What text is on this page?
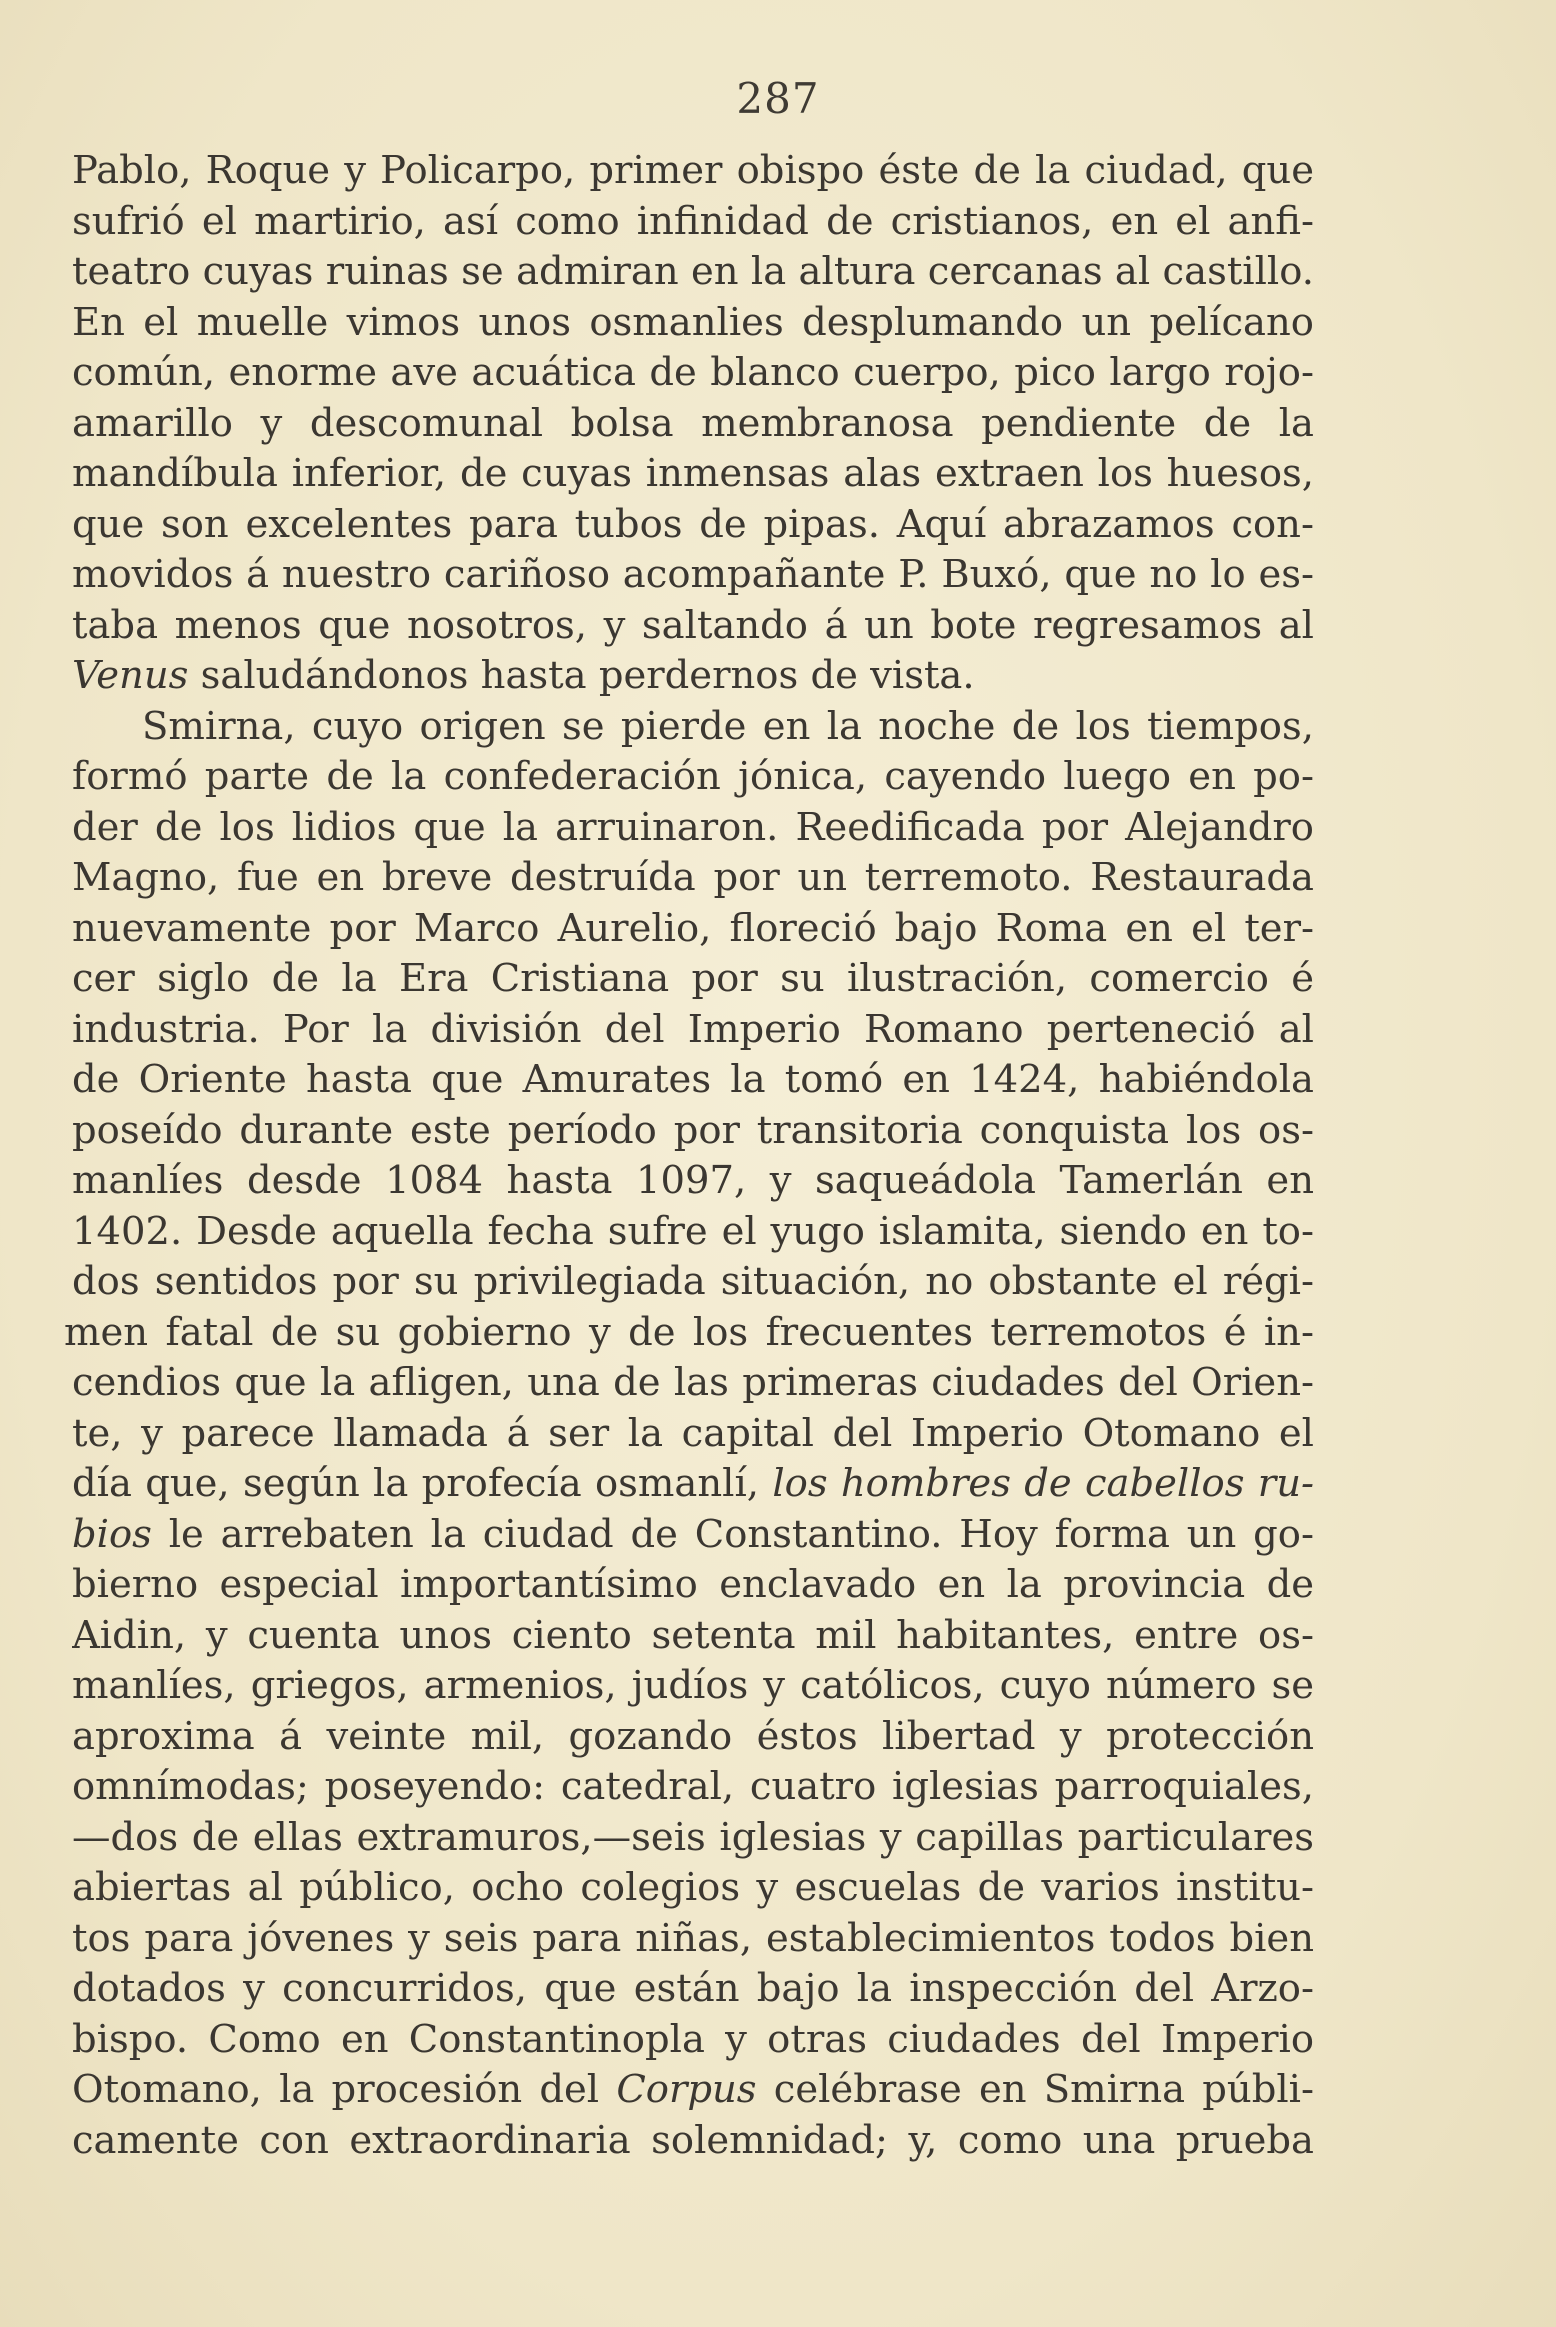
287
Pablo, Roque y Policarpo, primer obispo éste de la ciudad, que
sufrió el martirio, así como infinidad de cristianos, en el anfi-
teatro cuyas ruinas se admiran en la altura cercanas al castillo.
En el muelle vimos unos osmanlies desplumando un pelícano
común, enorme ave acuática de blanco cuerpo, pico largo rojo-
amarillo y descomunal bolsa membranosa pendiente de la
mandíbula inferior, de cuyas inmensas alas extraen los huesos,
que son excelentes para tubos de pipas. Aquí abrazamos con-
movidos á nuestro cariñoso acompañante P. Buxó, que no lo es-
taba menos que nosotros, y saltando á un bote regresamos al
Venus saludándonos hasta perdernos de vista.
Smirna, cuyo origen se pierde en la noche de los tiempos,
formó parte de la confederación jónica, cayendo luego en po-
der de los lidios que la arruinaron. Reedificada por Alejandro
Magno, fue en breve destruída por un terremoto. Restaurada
nuevamente por Marco Aurelio, floreció bajo Roma en el ter-
cer siglo de la Era Cristiana por su ilustración, comercio é
industria. Por la división del Imperio Romano perteneció al
de Oriente hasta que Amurates la tomó en 1424, habiéndola
poseído durante este período por transitoria conquista los os-
manlíes desde 1084 hasta 1097, y saqueádola Tamerlán en
1402. Desde aquella fecha sufre el yugo islamita, siendo en to-
dos sentidos por su privilegiada situación, no obstante el régi-
men fatal de su gobierno y de los frecuentes terremotos é in-
cendios que la afligen, una de las primeras ciudades del Orien-
te, y parece llamada á ser la capital del Imperio Otomano el
día que, según la profecía osmanlí, los hombres de cabellos ru-
bios le arrebaten la ciudad de Constantino. Hoy forma un go-
bierno especial importantísimo enclavado en la provincia de
Aidin, y cuenta unos ciento setenta mil habitantes, entre os-
manlíes, griegos, armenios, judíos y católicos, cuyo número se
aproxima á veinte mil, gozando éstos libertad y protección
omnímodas; poseyendo: catedral, cuatro iglesias parroquiales,
—dos de ellas extramuros,—seis iglesias y capillas particulares
abiertas al público, ocho colegios y escuelas de varios institu-
tos para jóvenes y seis para niñas, establecimientos todos bien
dotados y concurridos, que están bajo la inspección del Arzo-
bispo. Como en Constantinopla y otras ciudades del Imperio
Otomano, la procesión del Corpus celébrase en Smirna públi-
camente con extraordinaria solemnidad; y, como una prueba
